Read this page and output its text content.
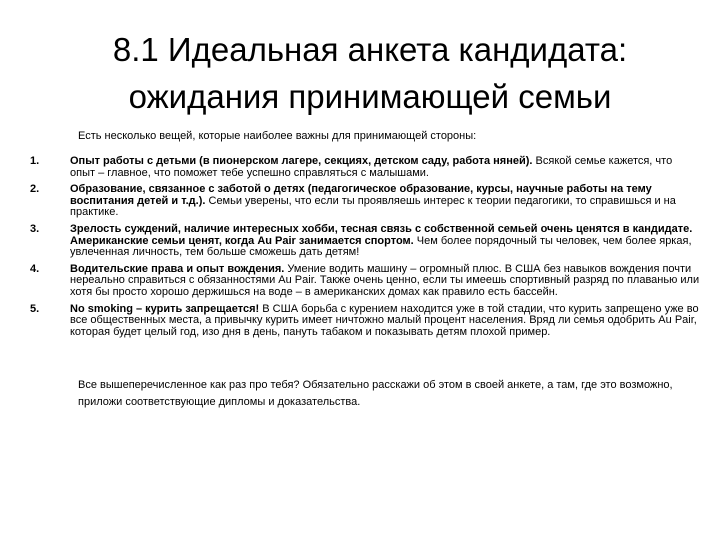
8.1 Идеальная анкета кандидата:
ожидания принимающей семьи

Есть несколько вещей, которые наиболее важны для принимающей стороны:

1.	Опыт работы с детьми (в пионерском лагере, секциях, детском саду, работа няней). Всякой семье кажется, что опыт – главное, что поможет тебе успешно справляться с малышами.
2.	Образование, связанное с заботой о детях (педагогическое образование, курсы, научные работы на тему воспитания детей и т.д.). Семьи уверены, что если ты проявляешь интерес к теории педагогики, то справишься и на практике.
3.	Зрелость суждений, наличие интересных хобби, тесная связь с собственной семьей очень ценятся в кандидате. Американские семьи ценят, когда Au Pair занимается спортом. Чем более порядочный ты человек, чем более яркая, увлеченная личность, тем больше сможешь дать детям!
4.	Водительские права и опыт вождения. Умение водить машину – огромный плюс. В США без навыков вождения почти нереально справиться с обязанностями Au Pair. Также очень ценно, если ты имеешь спортивный разряд по плаванью или хотя бы просто хорошо держишься на воде – в американских домах как правило есть бассейн.
5.	No smoking – курить запрещается! В США борьба с курением находится уже в той стадии, что курить запрещено уже во все общественных места, а привычку курить имеет ничтожно малый процент населения. Вряд ли семья одобрить Au Pair, которая будет целый год, изо дня в день, пануть табаком и показывать детям плохой пример.

Все вышеперечисленное как раз про тебя? Обязательно расскажи об этом в своей анкете, а там, где это возможно, приложи соответствующие дипломы и доказательства.
